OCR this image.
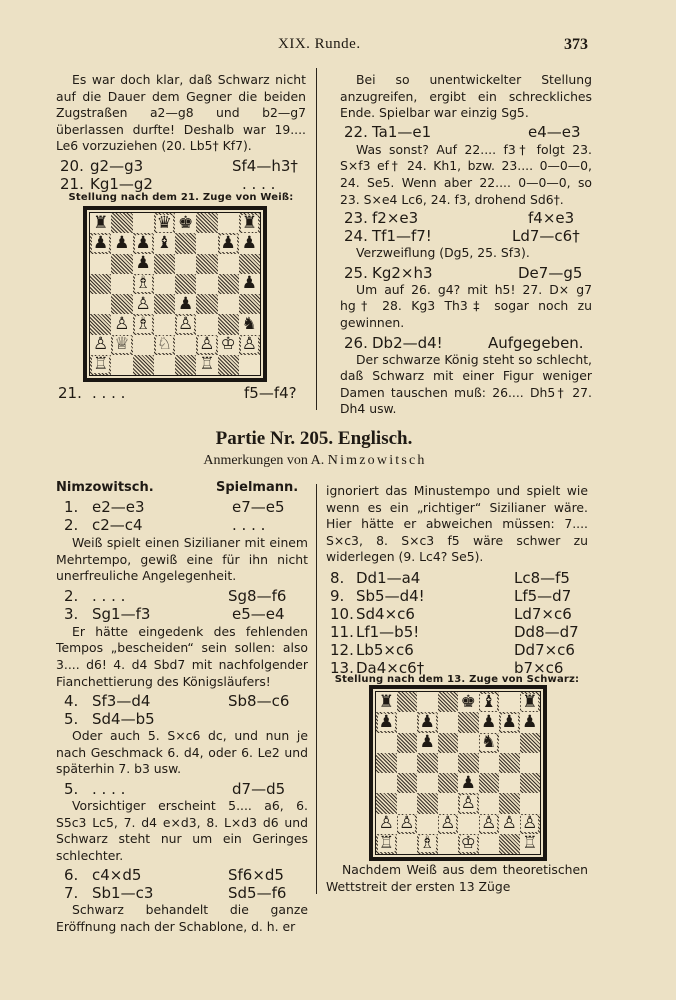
XIX. Runde.	373

Es war doch klar, daß Schwarz nicht auf die Dauer dem Gegner die beiden Zugstraßen a2—g8 und b2—g7 überlassen durfte! Deshalb war 19.... Le6 vorzuziehen (20. Lb5† Kf7).

20. g2—g3	Sf4—h3†
21. Kg1—g2	. . . .
Stellung nach dem 21. Zuge von Weiß:
♜	♛ ♚	♜
♟ ♟ ♟ ♝	♟ ♟
♟
♗	♟
♙ ♟
♙ ♗ ♙	♞
♙ ♕ ♘ ♙ ♔ ♙
♖	♖
21. . . . .	f5—f4?

Bei so unentwickelter Stellung anzugreifen, ergibt ein schreckliches Ende. Spielbar war einzig Sg5.

22. Ta1—e1	e4—e3

Was sonst? Auf 22.... f3† folgt 23. S×f3 ef† 24. Kh1, bzw. 23.... 0—0—0, 24. Se5. Wenn aber 22.... 0—0—0, so 23. S×e4 Lc6, 24. f3, drohend Sd6†.

23. f2×e3	f4×e3
24. Tf1—f7!	Ld7—c6†

Verzweiflung (Dg5, 25. Sf3).

25. Kg2×h3	De7—g5

Um auf 26. g4? mit h5! 27. D× g7 hg† 28. Kg3 Th3‡ sogar noch zu gewinnen.

26. Db2—d4!	Aufgegeben.

Der schwarze König steht so schlecht, daß Schwarz mit einer Figur weniger Damen tauschen muß: 26.... Dh5† 27. Dh4 usw.

Partie Nr. 205. Englisch.
Anmerkungen von A. Nimzowitsch
Nimzowitsch.	Spielmann.
1. e2—e3	e7—e5
2. c2—c4	. . . .

Weiß spielt einen Sizilianer mit einem Mehrtempo, gewiß eine für ihn nicht unerfreuliche Angelegenheit.

2. . . . .	Sg8—f6
3. Sg1—f3	e5—e4

Er hätte eingedenk des fehlenden Tempos „bescheiden“ sein sollen: also 3.... d6! 4. d4 Sbd7 mit nachfolgender Fianchettierung des Königsläufers!

4. Sf3—d4	Sb8—c6
5. Sd4—b5

Oder auch 5. S×c6 dc, und nun je nach Geschmack 6. d4, oder 6. Le2 und späterhin 7. b3 usw.

5. . . . .	d7—d5

Vorsichtiger erscheint 5.... a6, 6. S5c3 Lc5, 7. d4 e×d3, 8. L×d3 d6 und Schwarz steht nur um ein Geringes schlechter.

6. c4×d5	Sf6×d5
7. Sb1—c3	Sd5—f6

Schwarz behandelt die ganze Eröffnung nach der Schablone, d. h. er

ignoriert das Minustempo und spielt wie wenn es ein „richtiger“ Sizilianer wäre. Hier hätte er abweichen müssen: 7.... S×c3, 8. S×c3 f5 wäre schwer zu widerlegen (9. Lc4? Se5).

8. Dd1—a4	Lc8—f5
9. Sb5—d4!	Lf5—d7
10. Sd4×c6	Ld7×c6
11. Lf1—b5!	Dd8—d7
12. Lb5×c6	Dd7×c6
13. Da4×c6†	b7×c6
Stellung nach dem 13. Zuge von Schwarz:
♜	♚ ♝ ♜
♟ ♟	♟ ♟ ♟
♟	♞
♟
♙
♙ ♙ ♙ ♙ ♙ ♙
♖ ♗ ♔	♖

Nachdem Weiß aus dem theoretischen Wettstreit der ersten 13 Züge
